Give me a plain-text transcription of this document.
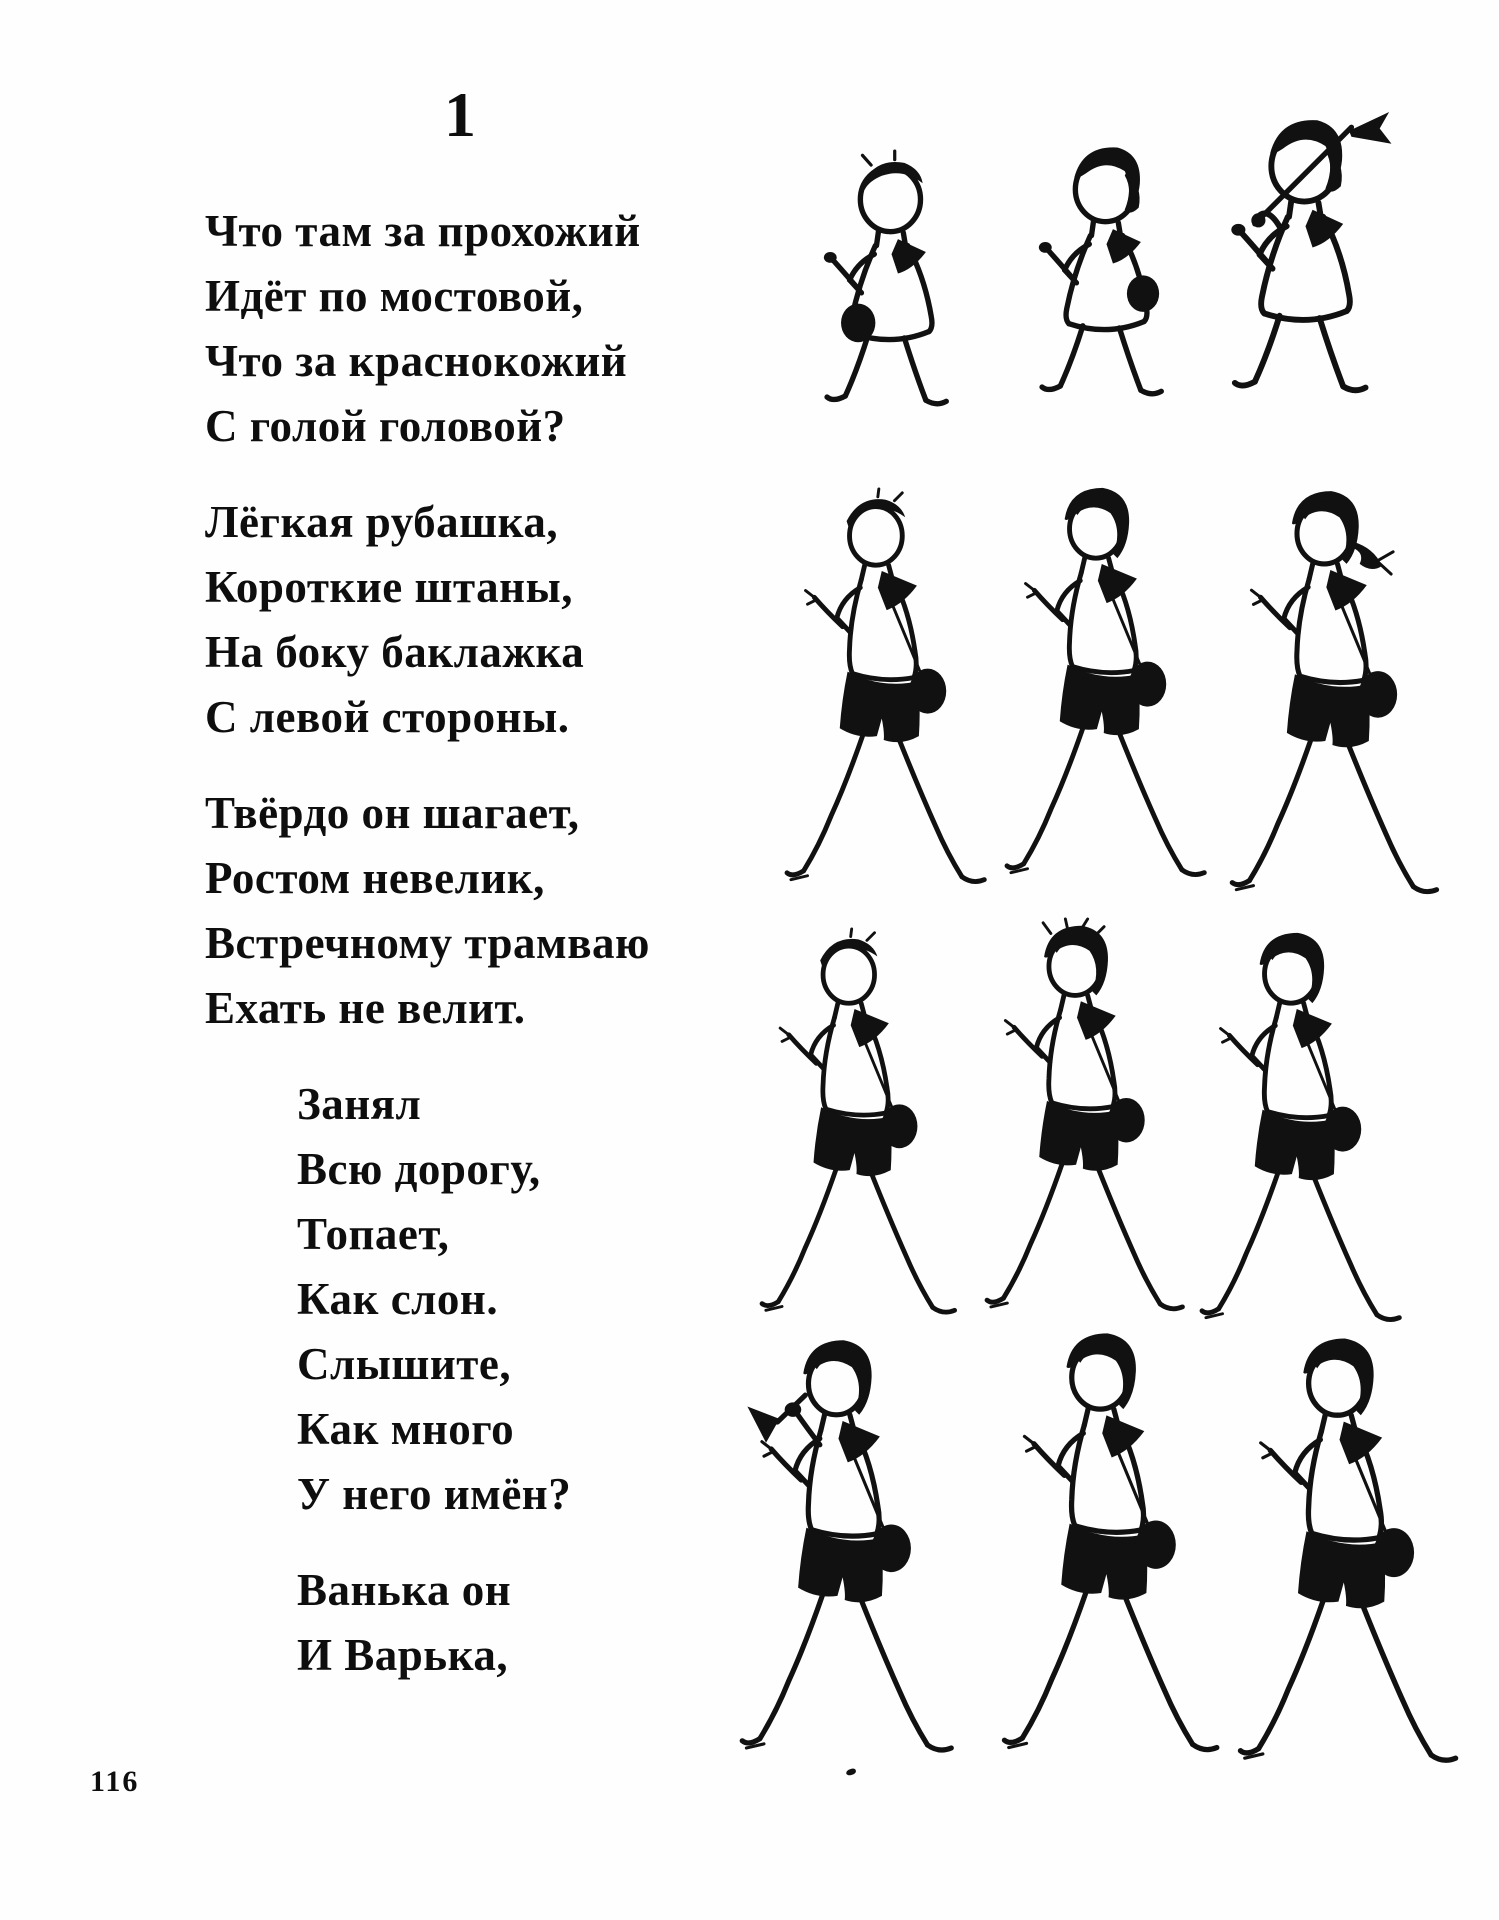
1
Что там за прохожий
Идёт по мостовой,
Что за краснокожий
С голой головой?
Лёгкая рубашка,
Короткие штаны,
На боку баклажка
С левой стороны.
Твёрдо он шагает,
Ростом невелик,
Встречному трамваю
Ехать не велит.
Занял
Всю дорогу,
Топает,
Как слон.
Слышите,
Как много
У него имён?
Ванька он
И Варька,
116
